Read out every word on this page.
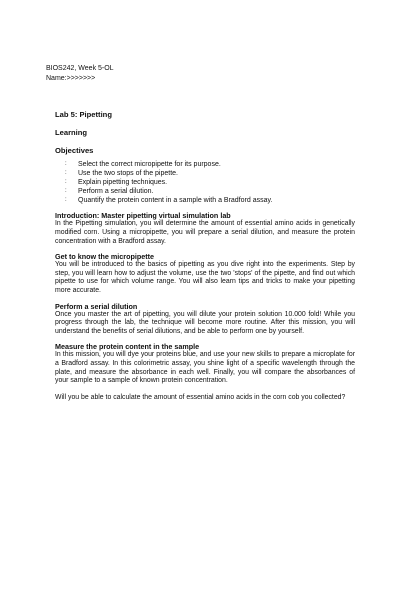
BIOS242, Week 5-OL
Name:>>>>>>>

Lab 5: Pipetting

Learning

Objectives

: Select the correct micropipette for its purpose.
: Use the two stops of the pipette.
: Explain pipetting techniques.
: Perform a serial dilution.
: Quantify the protein content in a sample with a Bradford assay.

Introduction: Master pipetting virtual simulation lab

In the Pipetting simulation, you will determine the amount of essential amino acids in genetically modified corn. Using a micropipette, you will prepare a serial dilution, and measure the protein concentration with a Bradford assay.

Get to know the micropipette

You will be introduced to the basics of pipetting as you dive right into the experiments. Step by step, you will learn how to adjust the volume, use the two 'stops' of the pipette, and find out which pipette to use for which volume range. You will also learn tips and tricks to make your pipetting more accurate.

Perform a serial dilution

Once you master the art of pipetting, you will dilute your protein solution 10.000 fold! While you progress through the lab, the technique will become more routine. After this mission, you will understand the benefits of serial dilutions, and be able to perform one by yourself.

Measure the protein content in the sample

In this mission, you will dye your proteins blue, and use your new skills to prepare a microplate for a Bradford assay. In this colorimetric assay, you shine light of a specific wavelength through the plate, and measure the absorbance in each well. Finally, you will compare the absorbances of your sample to a sample of known protein concentration.

Will you be able to calculate the amount of essential amino acids in the corn cob you collected?
